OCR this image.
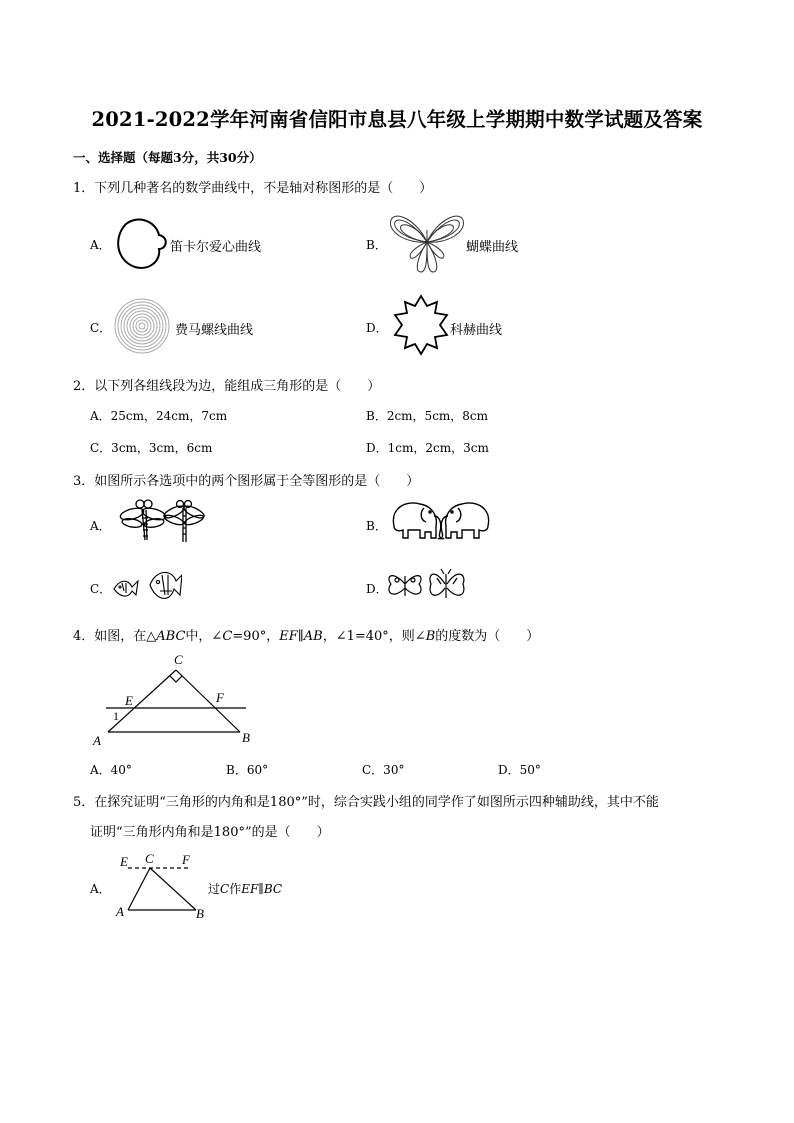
2021-2022学年河南省信阳市息县八年级上学期期中数学试题及答案
一、选择题（每题3分，共30分）
1．下列几种著名的数学曲线中，不是轴对称图形的是（　　）
A．	笛卡尔爱心曲线	B．	蝴蝶曲线
C．	费马螺线曲线	D．	科赫曲线
2．以下列各组线段为边，能组成三角形的是（　　）
A．25cm，24cm，7cm	B．2cm，5cm，8cm
C．3cm，3cm，6cm	D．1cm，2cm，3cm
3．如图所示各选项中的两个图形属于全等图形的是（　　）
A．	B．
C．	D．
4．如图，在△ABC中，∠C=90°，EF∥AB，∠1=40°，则∠B的度数为（　　）
C
E	F
A	B
1
A．40°	B．60°	C．30°	D．50°
5．在探究证明“三角形的内角和是180°”时，综合实践小组的同学作了如图所示四种辅助线，其中不能
证明“三角形内角和是180°”的是（　　）
A．
E C F
A	B
过C作EF∥BC
